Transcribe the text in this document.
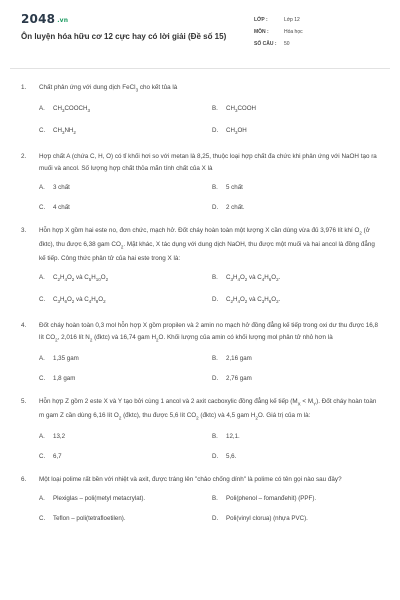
2048 .vn
Ôn luyện hóa hữu cơ 12 cực hay có lời giải (Đề số 15)
LỚP :	Lớp 12
MÔN :	Hóa học
SỐ CÂU :	50
1.	Chất phản ứng với dung dịch FeCl$_3$ cho kết tủa là
A.	$CH_3COOCH_3$	B.	$CH_3COOH$
C.	$CH_3NH_2$	D.	$CH_3OH$
2.	Hợp chất A (chứa C, H, O) có tỉ khối hơi so với metan là 8,25, thuộc loại hợp chất đa chức khi phản ứng với NaOH tạo ra muối và ancol. Số lượng hợp chất thỏa mãn tính chất của X là
A.	3 chất	B.	5 chất
C.	4 chất	D.	2 chất.
3.	Hỗn hợp X gồm hai este no, đơn chức, mạch hở. Đốt cháy hoàn toàn một lượng X cần dùng vừa đủ 3,976 lít khí $O_2$ (ở đktc), thu được 6,38 gam $CO_2$. Mặt khác, X tác dụng với dung dịch NaOH, thu được một muối và hai ancol là đồng đẳng kế tiếp. Công thức phân tử của hai este trong X là:
A.	$C_2H_4O_2$ và $C_5H_{10}O_2$	B.	$C_3H_4O_2$ và $C_4H_6O_2$.
C.	$C_3H_6O_2$ và $C_4H_8O_2$	D.	$C_2H_4O_2$ và $C_3H_6O_2$.
4.	Đốt cháy hoàn toàn 0,3 mol hỗn hợp X gồm propilen và 2 amin no mạch hở đồng đẳng kế tiếp trong oxi dư thu được 16,8 lít $CO_2$, 2,016 lít $N_2$ (đktc) và 16,74 gam $H_2O$. Khối lượng của amin có khối lượng mol phân tử nhỏ hơn là
A.	1,35 gam	B.	2,16 gam
C.	1,8 gam	D.	2,76 gam
5.	Hỗn hợp Z gồm 2 este X và Y tạo bởi cùng 1 ancol và 2 axit cacboxylic đồng đẳng kế tiếp $(M_X < M_Y)$. Đốt cháy hoàn toàn m gam Z cần dùng 6,16 lít $O_2$ (đktc), thu được 5,6 lít $CO_2$ (đktc) và 4,5 gam $H_2O$. Giá trị của m là:
A.	13,2	B.	12,1.
C.	6,7	D.	5,6.
6.	Một loại polime rất bền với nhiệt và axit, được tráng lên "chảo chống dính" là polime có tên gọi nào sau đây?
A.	Plexiglas – poli(metyl metacrylat).	B.	Poli(phenol – fomanđehit) (PPF).
C.	Teflon – poli(tetrafloetilen).	D.	Poli(vinyl clorua) (nhựa PVC).
